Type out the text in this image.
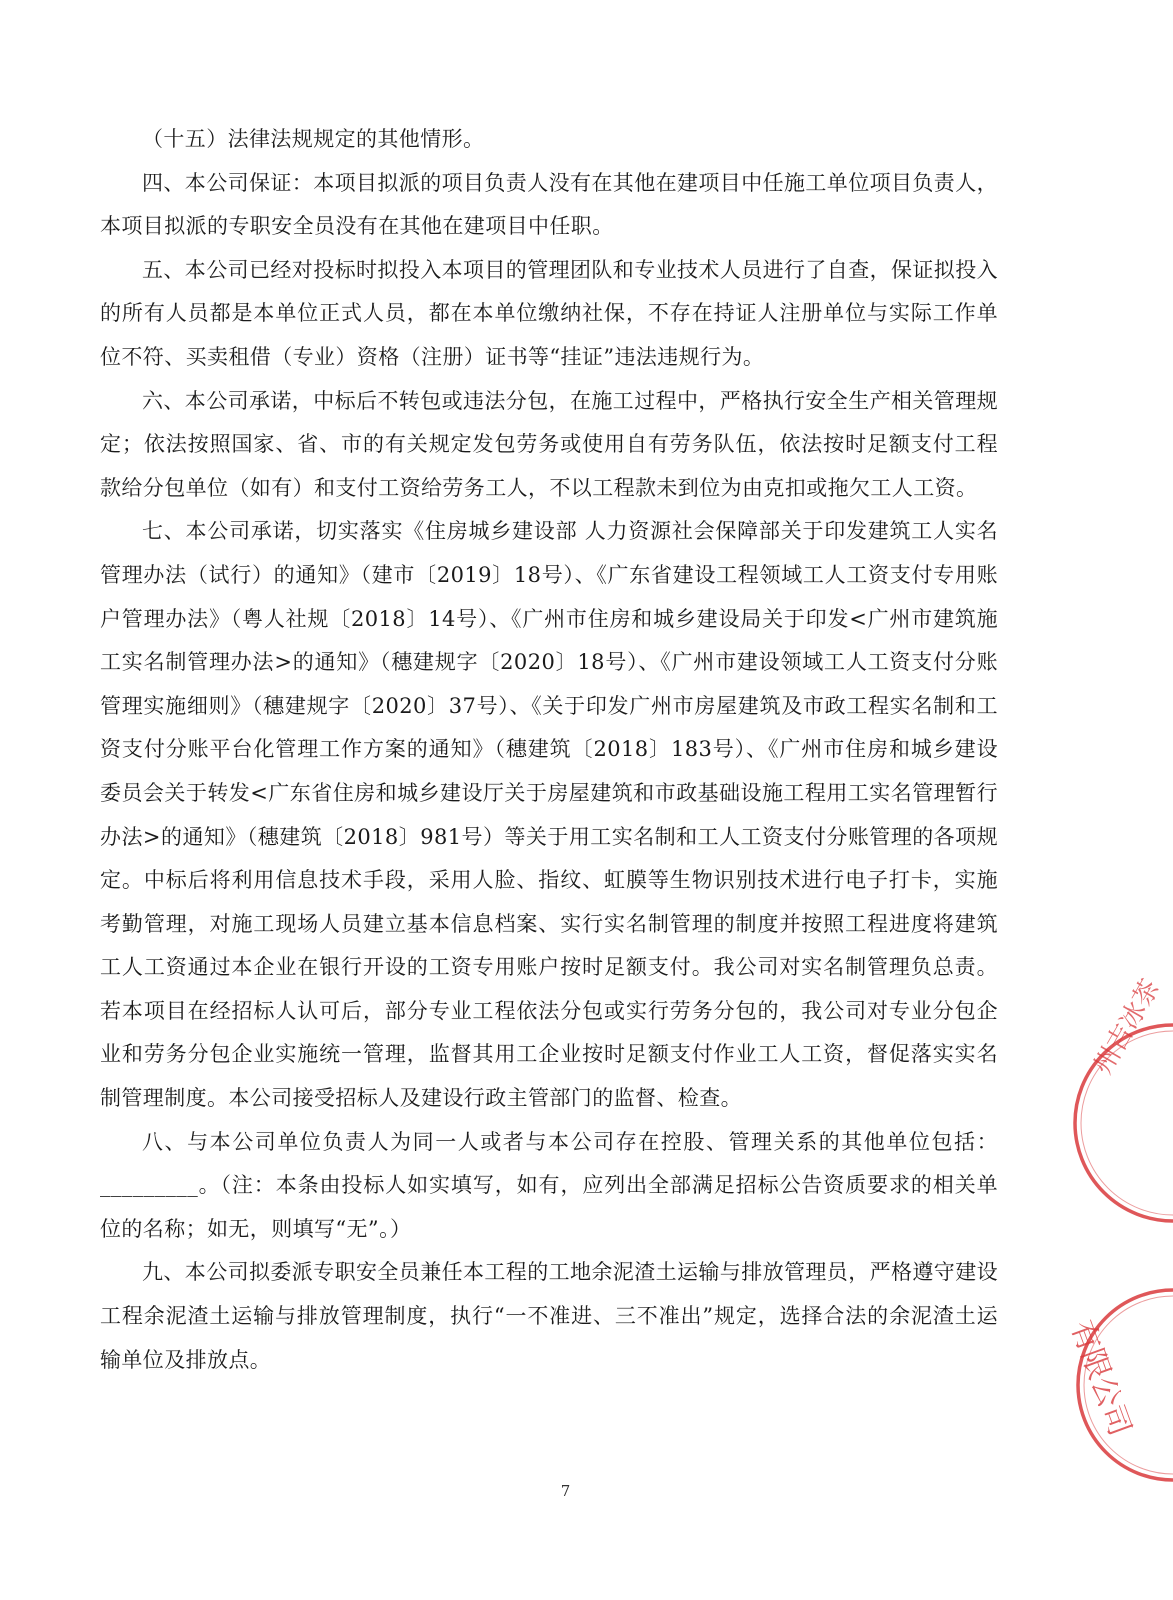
（十五）法律法规规定的其他情形。

四、本公司保证：本项目拟派的项目负责人没有在其他在建项目中任施工单位项目负责人，本项目拟派的专职安全员没有在其他在建项目中任职。

五、本公司已经对投标时拟投入本项目的管理团队和专业技术人员进行了自查，保证拟投入的所有人员都是本单位正式人员，都在本单位缴纳社保，不存在持证人注册单位与实际工作单位不符、买卖租借（专业）资格（注册）证书等“挂证”违法违规行为。

六、本公司承诺，中标后不转包或违法分包，在施工过程中，严格执行安全生产相关管理规定；依法按照国家、省、市的有关规定发包劳务或使用自有劳务队伍，依法按时足额支付工程款给分包单位（如有）和支付工资给劳务工人，不以工程款未到位为由克扣或拖欠工人工资。

七、本公司承诺，切实落实《住房城乡建设部 人力资源社会保障部关于印发建筑工人实名管理办法（试行）的通知》（建市〔2019〕18号）、《广东省建设工程领域工人工资支付专用账户管理办法》（粤人社规〔2018〕14号）、《广州市住房和城乡建设局关于印发<广州市建筑施工实名制管理办法>的通知》（穗建规字〔2020〕18号）、《广州市建设领域工人工资支付分账管理实施细则》（穗建规字〔2020〕37号）、《关于印发广州市房屋建筑及市政工程实名制和工资支付分账平台化管理工作方案的通知》（穗建筑〔2018〕183号）、《广州市住房和城乡建设委员会关于转发<广东省住房和城乡建设厅关于房屋建筑和市政基础设施工程用工实名管理暂行办法>的通知》（穗建筑〔2018〕981号）等关于用工实名制和工人工资支付分账管理的各项规定。中标后将利用信息技术手段，采用人脸、指纹、虹膜等生物识别技术进行电子打卡，实施考勤管理，对施工现场人员建立基本信息档案、实行实名制管理的制度并按照工程进度将建筑工人工资通过本企业在银行开设的工资专用账户按时足额支付。我公司对实名制管理负总责。若本项目在经招标人认可后，部分专业工程依法分包或实行劳务分包的，我公司对专业分包企业和劳务分包企业实施统一管理，监督其用工企业按时足额支付作业工人工资，督促落实实名制管理制度。本公司接受招标人及建设行政主管部门的监督、检查。

八、与本公司单位负责人为同一人或者与本公司存在控股、管理关系的其他单位包括：_________。（注：本条由投标人如实填写，如有，应列出全部满足招标公告资质要求的相关单位的名称；如无，则填写“无”。）

九、本公司拟委派专职安全员兼任本工程的工地余泥渣土运输与排放管理员，严格遵守建设工程余泥渣土运输与排放管理制度，执行“一不准进、三不准出”规定，选择合法的余泥渣土运输单位及排放点。

7
州吉冰茶
有限公司
